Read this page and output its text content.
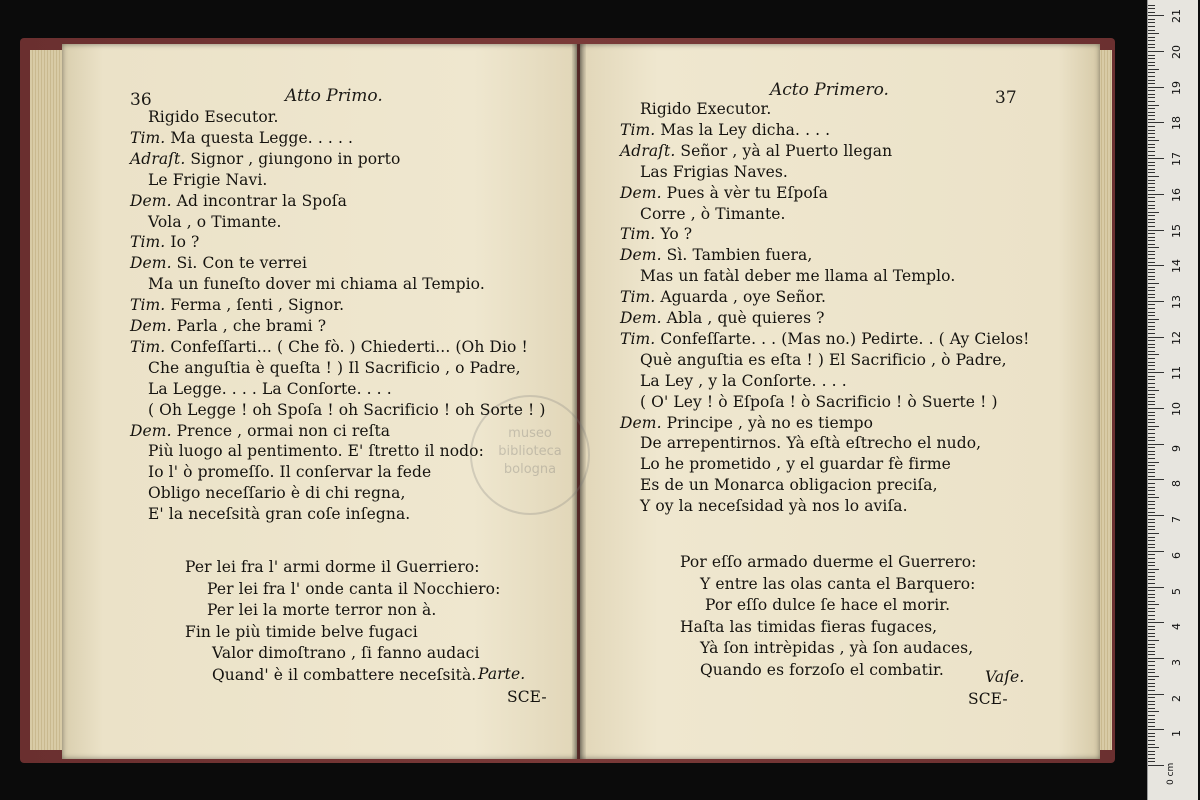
museo
biblioteca
bologna
36	Atto Primo.	Acto Primero.	37
Rigido Esecutor.
Tim. Ma questa Legge. . . . .
Adraſt. Signor , giungono in porto
Le Frigie Navi.
Dem. Ad incontrar la Spoſa
Vola , o Timante.
Tim. Io ?
Dem. Si. Con te verrei
Ma un funeſto dover mi chiama al Tempio.
Tim. Ferma , ſenti , Signor.
Dem. Parla , che brami ?
Tim. Confeſſarti... ( Che fò. ) Chiederti... (Oh Dio !
Che anguſtia è queſta ! ) Il Sacrificio , o Padre,
La Legge. . . . La Conſorte. . . .
( Oh Legge ! oh Spoſa ! oh Sacrificio ! oh Sorte ! )
Dem. Prence , ormai non ci reſta
Più luogo al pentimento. E' ſtretto il nodo:
Io l' ò promeſſo. Il conſervar la fede
Obligo neceſſario è di chi regna,
E' la neceſsità gran coſe inſegna.
Per lei fra l' armi dorme il Guerriero:
Per lei fra l' onde canta il Nocchiero:
Per lei la morte terror non à.
Fin le più timide belve fugaci
Valor dimoſtrano , ſi fanno audaci
Quand' è il combattere neceſsità.
Rigido Executor.
Tim. Mas la Ley dicha. . . .
Adraſt. Señor , yà al Puerto llegan
Las Frigias Naves.
Dem. Pues à vèr tu Eſpoſa
Corre , ò Timante.
Tim. Yo ?
Dem. Sì. Tambien fuera,
Mas un fatàl deber me llama al Templo.
Tim. Aguarda , oye Señor.
Dem. Abla , què quieres ?
Tim. Confeſſarte. . . (Mas no.) Pedirte. . ( Ay Cielos!
Què anguſtia es eſta ! ) El Sacrificio , ò Padre,
La Ley , y la Conſorte. . . .
( O' Ley ! ò Eſpoſa ! ò Sacrificio ! ò Suerte ! )
Dem. Principe , yà no es tiempo
De arrepentirnos. Yà eſtà eſtrecho el nudo,
Lo he prometido , y el guardar fè firme
Es de un Monarca obligacion preciſa,
Y oy la neceſsidad yà nos lo aviſa.
Por eſſo armado duerme el Guerrero:
Y entre las olas canta el Barquero:
Por eſſo dulce ſe hace el morir.
Haſta las timidas fieras fugaces,
Yà ſon intrèpidas , yà ſon audaces,
Quando es forzoſo el combatir.
Parte.
SCE-
Vaſe.
SCE-
0 cm
1
2
3
4
5
6
7
8
9
10
11
12
13
14
15
16
17
18
19
20
21
